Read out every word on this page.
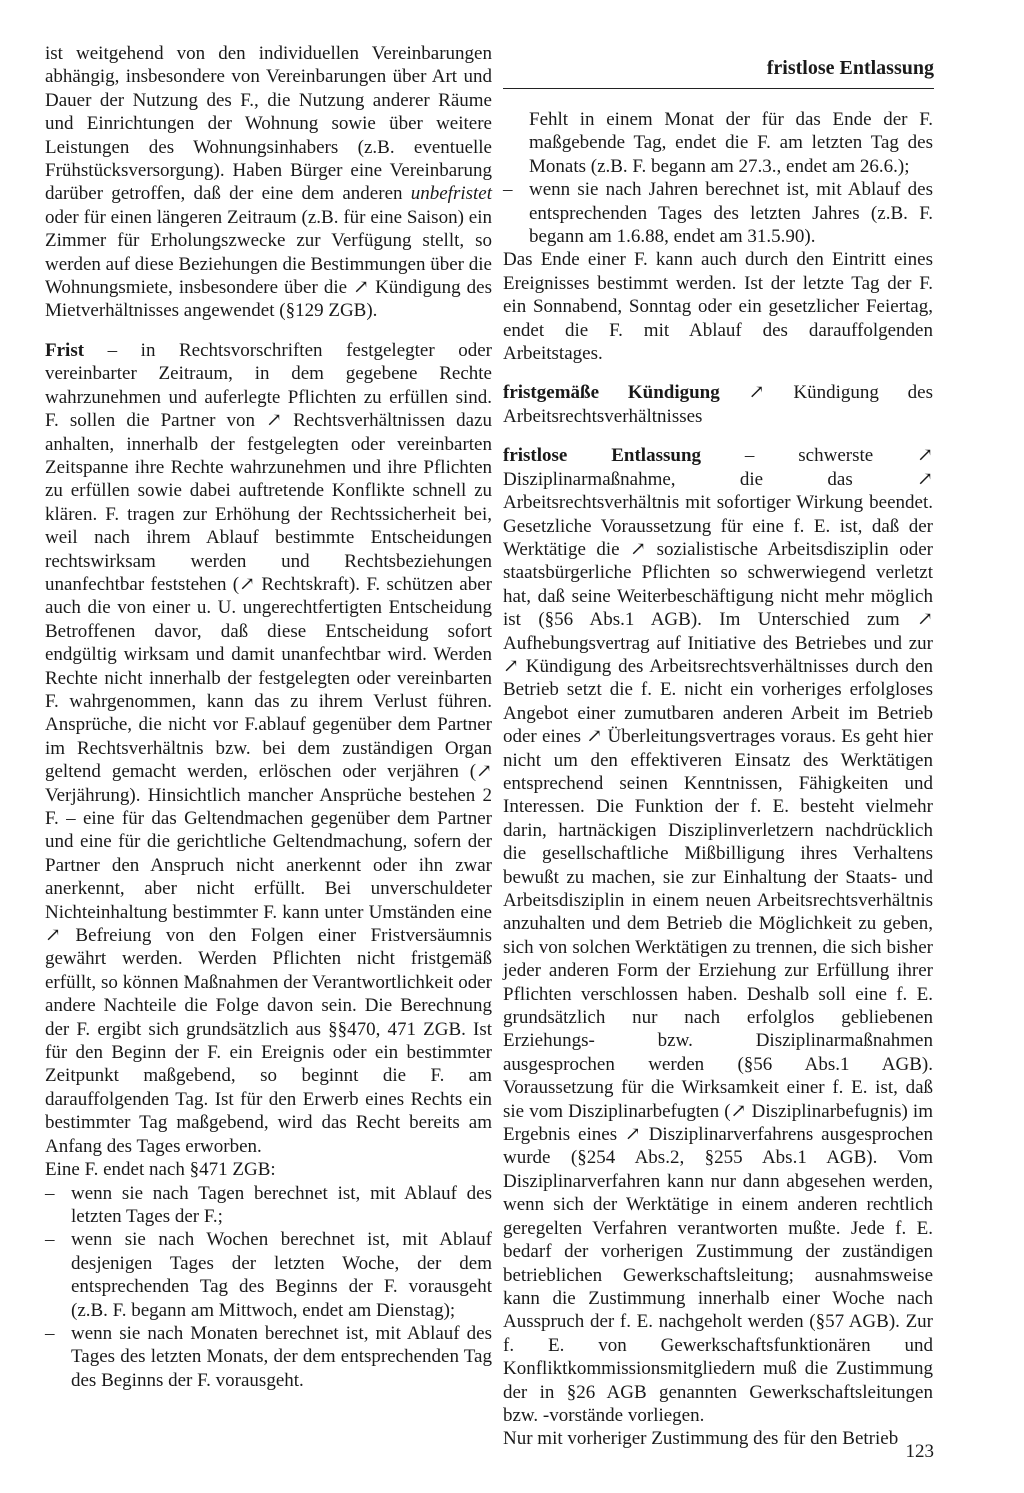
fristlose Entlassung

ist weitgehend von den individuellen Vereinbarungen abhängig, insbesondere von Vereinbarungen über Art und Dauer der Nutzung des F., die Nutzung anderer Räume und Einrichtungen der Wohnung sowie über weitere Leistungen des Wohnungsinhabers (z.B. eventuelle Frühstücksversorgung). Haben Bürger eine Vereinbarung darüber getroffen, daß der eine dem anderen unbefristet oder für einen längeren Zeitraum (z.B. für eine Saison) ein Zimmer für Erholungszwecke zur Verfügung stellt, so werden auf diese Beziehungen die Bestimmungen über die Wohnungsmiete, insbesondere über die ↗ Kündigung des Mietverhältnisses angewendet (§129 ZGB).

Frist – in Rechtsvorschriften festgelegter oder vereinbarter Zeitraum, in dem gegebene Rechte wahrzunehmen und auferlegte Pflichten zu erfüllen sind. F. sollen die Partner von ↗ Rechtsverhältnissen dazu anhalten, innerhalb der festgelegten oder vereinbarten Zeitspanne ihre Rechte wahrzunehmen und ihre Pflichten zu erfüllen sowie dabei auftretende Konflikte schnell zu klären. F. tragen zur Erhöhung der Rechtssicherheit bei, weil nach ihrem Ablauf bestimmte Entscheidungen rechtswirksam werden und Rechtsbeziehungen unanfechtbar feststehen (↗ Rechtskraft). F. schützen aber auch die von einer u. U. ungerechtfertigten Entscheidung Betroffenen davor, daß diese Entscheidung sofort endgültig wirksam und damit unanfechtbar wird. Werden Rechte nicht innerhalb der festgelegten oder vereinbarten F. wahrgenommen, kann das zu ihrem Verlust führen. Ansprüche, die nicht vor F.ablauf gegenüber dem Partner im Rechtsverhältnis bzw. bei dem zuständigen Organ geltend gemacht werden, erlöschen oder verjähren (↗ Verjährung). Hinsichtlich mancher Ansprüche bestehen 2 F. – eine für das Geltendmachen gegenüber dem Partner und eine für die gerichtliche Geltendmachung, sofern der Partner den Anspruch nicht anerkennt oder ihn zwar anerkennt, aber nicht erfüllt. Bei unverschuldeter Nichteinhaltung bestimmter F. kann unter Umständen eine ↗ Befreiung von den Folgen einer Fristversäumnis gewährt werden. Werden Pflichten nicht fristgemäß erfüllt, so können Maßnahmen der Verantwortlichkeit oder andere Nachteile die Folge davon sein. Die Berechnung der F. ergibt sich grundsätzlich aus §§470, 471 ZGB. Ist für den Beginn der F. ein Ereignis oder ein bestimmter Zeitpunkt maßgebend, so beginnt die F. am darauffolgenden Tag. Ist für den Erwerb eines Rechts ein bestimmter Tag maßgebend, wird das Recht bereits am Anfang des Tages erworben.

Eine F. endet nach §471 ZGB:

– wenn sie nach Tagen berechnet ist, mit Ablauf des letzten Tages der F.;
– wenn sie nach Wochen berechnet ist, mit Ablauf desjenigen Tages der letzten Woche, der dem entsprechenden Tag des Beginns der F. vorausgeht (z.B. F. begann am Mittwoch, endet am Dienstag);
– wenn sie nach Monaten berechnet ist, mit Ablauf des Tages des letzten Monats, der dem entsprechenden Tag des Beginns der F. vorausgeht.

Fehlt in einem Monat der für das Ende der F. maßgebende Tag, endet die F. am letzten Tag des Monats (z.B. F. begann am 27.3., endet am 26.6.);

– wenn sie nach Jahren berechnet ist, mit Ablauf des entsprechenden Tages des letzten Jahres (z.B. F. begann am 1.6.88, endet am 31.5.90).

Das Ende einer F. kann auch durch den Eintritt eines Ereignisses bestimmt werden. Ist der letzte Tag der F. ein Sonnabend, Sonntag oder ein gesetzlicher Feiertag, endet die F. mit Ablauf des darauffolgenden Arbeitstages.

fristgemäße Kündigung ↗ Kündigung des Arbeitsrechtsverhältnisses

fristlose Entlassung – schwerste ↗ Disziplinarmaßnahme, die das ↗ Arbeitsrechtsverhältnis mit sofortiger Wirkung beendet. Gesetzliche Voraussetzung für eine f. E. ist, daß der Werktätige die ↗ sozialistische Arbeitsdisziplin oder staatsbürgerliche Pflichten so schwerwiegend verletzt hat, daß seine Weiterbeschäftigung nicht mehr möglich ist (§56 Abs.1 AGB). Im Unterschied zum ↗ Aufhebungsvertrag auf Initiative des Betriebes und zur ↗ Kündigung des Arbeitsrechtsverhältnisses durch den Betrieb setzt die f. E. nicht ein vorheriges erfolgloses Angebot einer zumutbaren anderen Arbeit im Betrieb oder eines ↗ Überleitungsvertrages voraus. Es geht hier nicht um den effektiveren Einsatz des Werktätigen entsprechend seinen Kenntnissen, Fähigkeiten und Interessen. Die Funktion der f. E. besteht vielmehr darin, hartnäckigen Disziplinverletzern nachdrücklich die gesellschaftliche Mißbilligung ihres Verhaltens bewußt zu machen, sie zur Einhaltung der Staats- und Arbeitsdisziplin in einem neuen Arbeitsrechtsverhältnis anzuhalten und dem Betrieb die Möglichkeit zu geben, sich von solchen Werktätigen zu trennen, die sich bisher jeder anderen Form der Erziehung zur Erfüllung ihrer Pflichten verschlossen haben. Deshalb soll eine f. E. grundsätzlich nur nach erfolglos gebliebenen Erziehungs- bzw. Disziplinarmaßnahmen ausgesprochen werden (§56 Abs.1 AGB). Voraussetzung für die Wirksamkeit einer f. E. ist, daß sie vom Disziplinarbefugten (↗ Disziplinarbefugnis) im Ergebnis eines ↗ Disziplinarverfahrens ausgesprochen wurde (§254 Abs.2, §255 Abs.1 AGB). Vom Disziplinarverfahren kann nur dann abgesehen werden, wenn sich der Werktätige in einem anderen rechtlich geregelten Verfahren verantworten mußte. Jede f. E. bedarf der vorherigen Zustimmung der zuständigen betrieblichen Gewerkschaftsleitung; ausnahmsweise kann die Zustimmung innerhalb einer Woche nach Ausspruch der f. E. nachgeholt werden (§57 AGB). Zur f. E. von Gewerkschaftsfunktionären und Konfliktkommissionsmitgliedern muß die Zustimmung der in §26 AGB genannten Gewerkschaftsleitungen bzw. -vorstände vorliegen.

Nur mit vorheriger Zustimmung des für den Betrieb

123
